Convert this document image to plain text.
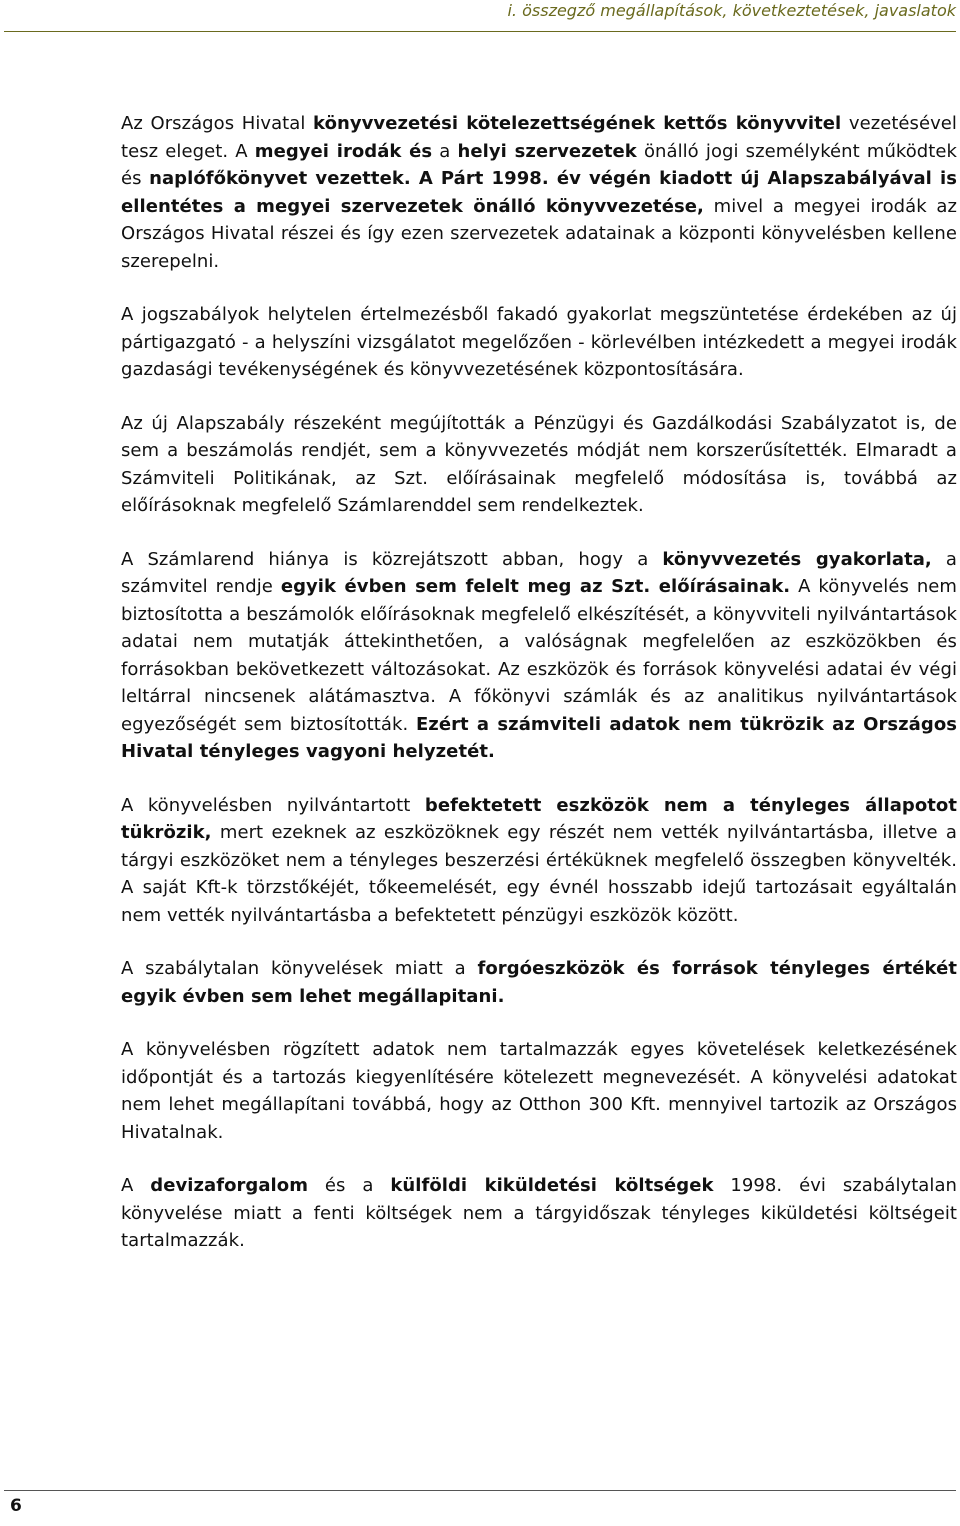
i. összegző megállapítások, következtetések, javaslatok

Az Országos Hivatal könyvvezetési kötelezettségének kettős könyvvitel vezetésével tesz eleget. A megyei irodák és a helyi szervezetek önálló jogi személyként működtek és naplófőkönyvet vezettek. A Párt 1998. év végén kiadott új Alapszabályával is ellentétes a megyei szervezetek önálló könyvvezetése, mivel a megyei irodák az Országos Hivatal részei és így ezen szervezetek adatainak a központi könyvelésben kellene szerepelni.

A jogszabályok helytelen értelmezésből fakadó gyakorlat megszüntetése érdekében az új pártigazgató - a helyszíni vizsgálatot megelőzően - körlevélben intézkedett a megyei irodák gazdasági tevékenységének és könyvvezetésének központosítására.

Az új Alapszabály részeként megújították a Pénzügyi és Gazdálkodási Szabályzatot is, de sem a beszámolás rendjét, sem a könyvvezetés módját nem korszerűsítették. Elmaradt a Számviteli Politikának, az Szt. előírásainak megfelelő módosítása is, továbbá az előírásoknak megfelelő Számlarenddel sem rendelkeztek.

A Számlarend hiánya is közrejátszott abban, hogy a könyvvezetés gyakorlata, a számvitel rendje egyik évben sem felelt meg az Szt. előírásainak. A könyvelés nem biztosította a beszámolók előírásoknak megfelelő elkészítését, a könyvviteli nyilvántartások adatai nem mutatják áttekinthetően, a valóságnak megfelelően az eszközökben és forrásokban bekövetkezett változásokat. Az eszközök és források könyvelési adatai év végi leltárral nincsenek alátámasztva. A főkönyvi számlák és az analitikus nyilvántartások egyezőségét sem biztosították. Ezért a számviteli adatok nem tükrözik az Országos Hivatal tényleges vagyoni helyzetét.

A könyvelésben nyilvántartott befektetett eszközök nem a tényleges állapotot tükrözik, mert ezeknek az eszközöknek egy részét nem vették nyilvántartásba, illetve a tárgyi eszközöket nem a tényleges beszerzési értéküknek megfelelő összegben könyvelték. A saját Kft-k törzstőkéjét, tőkeemelését, egy évnél hosszabb idejű tartozásait egyáltalán nem vették nyilvántartásba a befektetett pénzügyi eszközök között.

A szabálytalan könyvelések miatt a forgóeszközök és források tényleges értékét egyik évben sem lehet megállapitani.

A könyvelésben rögzített adatok nem tartalmazzák egyes követelések keletkezésének időpontját és a tartozás kiegyenlítésére kötelezett megnevezését. A könyvelési adatokat nem lehet megállapítani továbbá, hogy az Otthon 300 Kft. mennyivel tartozik az Országos Hivatalnak.

A devizaforgalom és a külföldi kiküldetési költségek 1998. évi szabálytalan könyvelése miatt a fenti költségek nem a tárgyidőszak tényleges kiküldetési költségeit tartalmazzák.

6
